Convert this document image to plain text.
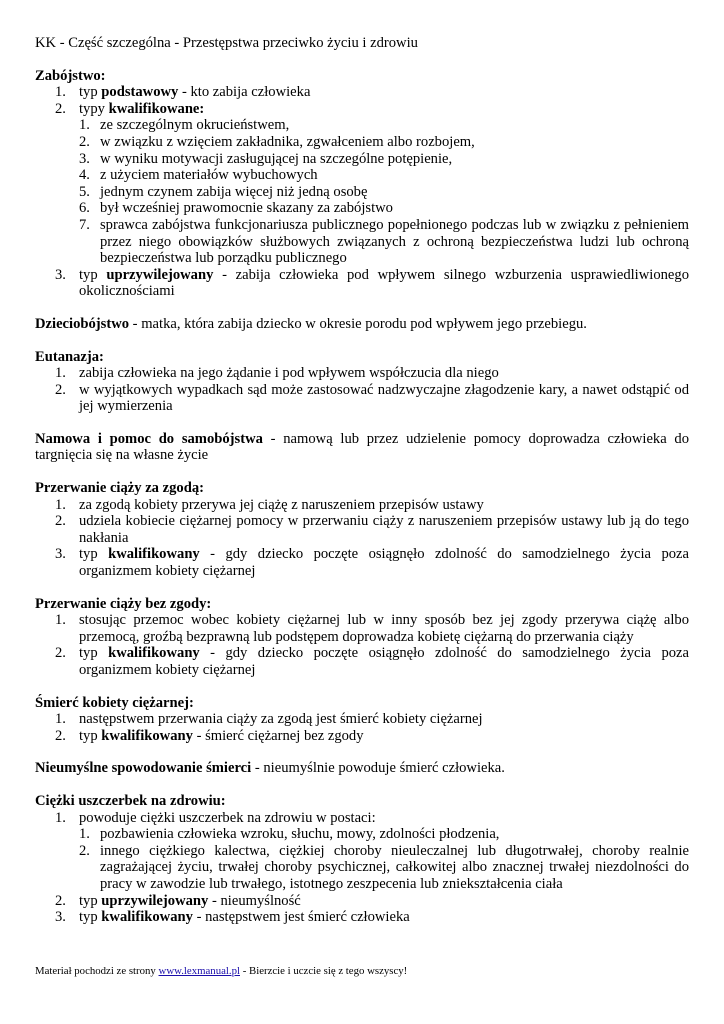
KK - Część szczególna - Przestępstwa przeciwko życiu i zdrowiu
Zabójstwo:
1. typ podstawowy - kto zabija człowieka
2. typy kwalifikowane:
1. ze szczególnym okrucieństwem,
2. w związku z wzięciem zakładnika, zgwałceniem albo rozbojem,
3. w wyniku motywacji zasługującej na szczególne potępienie,
4. z użyciem materiałów wybuchowych
5. jednym czynem zabija więcej niż jedną osobę
6. był wcześniej prawomocnie skazany za zabójstwo
7. sprawca zabójstwa funkcjonariusza publicznego popełnionego podczas lub w związku z pełnieniem przez niego obowiązków służbowych związanych z ochroną bezpieczeństwa ludzi lub ochroną bezpieczeństwa lub porządku publicznego
3. typ uprzywilejowany - zabija człowieka pod wpływem silnego wzburzenia usprawiedliwionego okolicznościami
Dzieciobójstwo - matka, która zabija dziecko w okresie porodu pod wpływem jego przebiegu.
Eutanazja:
1. zabija człowieka na jego żądanie i pod wpływem współczucia dla niego
2. w wyjątkowych wypadkach sąd może zastosować nadzwyczajne złagodzenie kary, a nawet odstąpić od jej wymierzenia
Namowa i pomoc do samobójstwa - namową lub przez udzielenie pomocy doprowadza człowieka do targnięcia się na własne życie
Przerwanie ciąży za zgodą:
1. za zgodą kobiety przerywa jej ciążę z naruszeniem przepisów ustawy
2. udziela kobiecie ciężarnej pomocy w przerwaniu ciąży z naruszeniem przepisów ustawy lub ją do tego nakłania
3. typ kwalifikowany - gdy dziecko poczęte osiągnęło zdolność do samodzielnego życia poza organizmem kobiety ciężarnej
Przerwanie ciąży bez zgody:
1. stosując przemoc wobec kobiety ciężarnej lub w inny sposób bez jej zgody przerywa ciążę albo przemocą, groźbą bezprawną lub podstępem doprowadza kobietę ciężarną do przerwania ciąży
2. typ kwalifikowany - gdy dziecko poczęte osiągnęło zdolność do samodzielnego życia poza organizmem kobiety ciężarnej
Śmierć kobiety ciężarnej:
1. następstwem przerwania ciąży za zgodą jest śmierć kobiety ciężarnej
2. typ kwalifikowany - śmierć ciężarnej bez zgody
Nieumyślne spowodowanie śmierci - nieumyślnie powoduje śmierć człowieka.
Ciężki uszczerbek na zdrowiu:
1. powoduje ciężki uszczerbek na zdrowiu w postaci:
1. pozbawienia człowieka wzroku, słuchu, mowy, zdolności płodzenia,
2. innego ciężkiego kalectwa, ciężkiej choroby nieuleczalnej lub długotrwałej, choroby realnie zagrażającej życiu, trwałej choroby psychicznej, całkowitej albo znacznej trwałej niezdolności do pracy w zawodzie lub trwałego, istotnego zeszpecenia lub zniekształcenia ciała
2. typ uprzywilejowany - nieumyślność
3. typ kwalifikowany - następstwem jest śmierć człowieka
Materiał pochodzi ze strony www.lexmanual.pl - Bierzcie i uczcie się z tego wszyscy!
